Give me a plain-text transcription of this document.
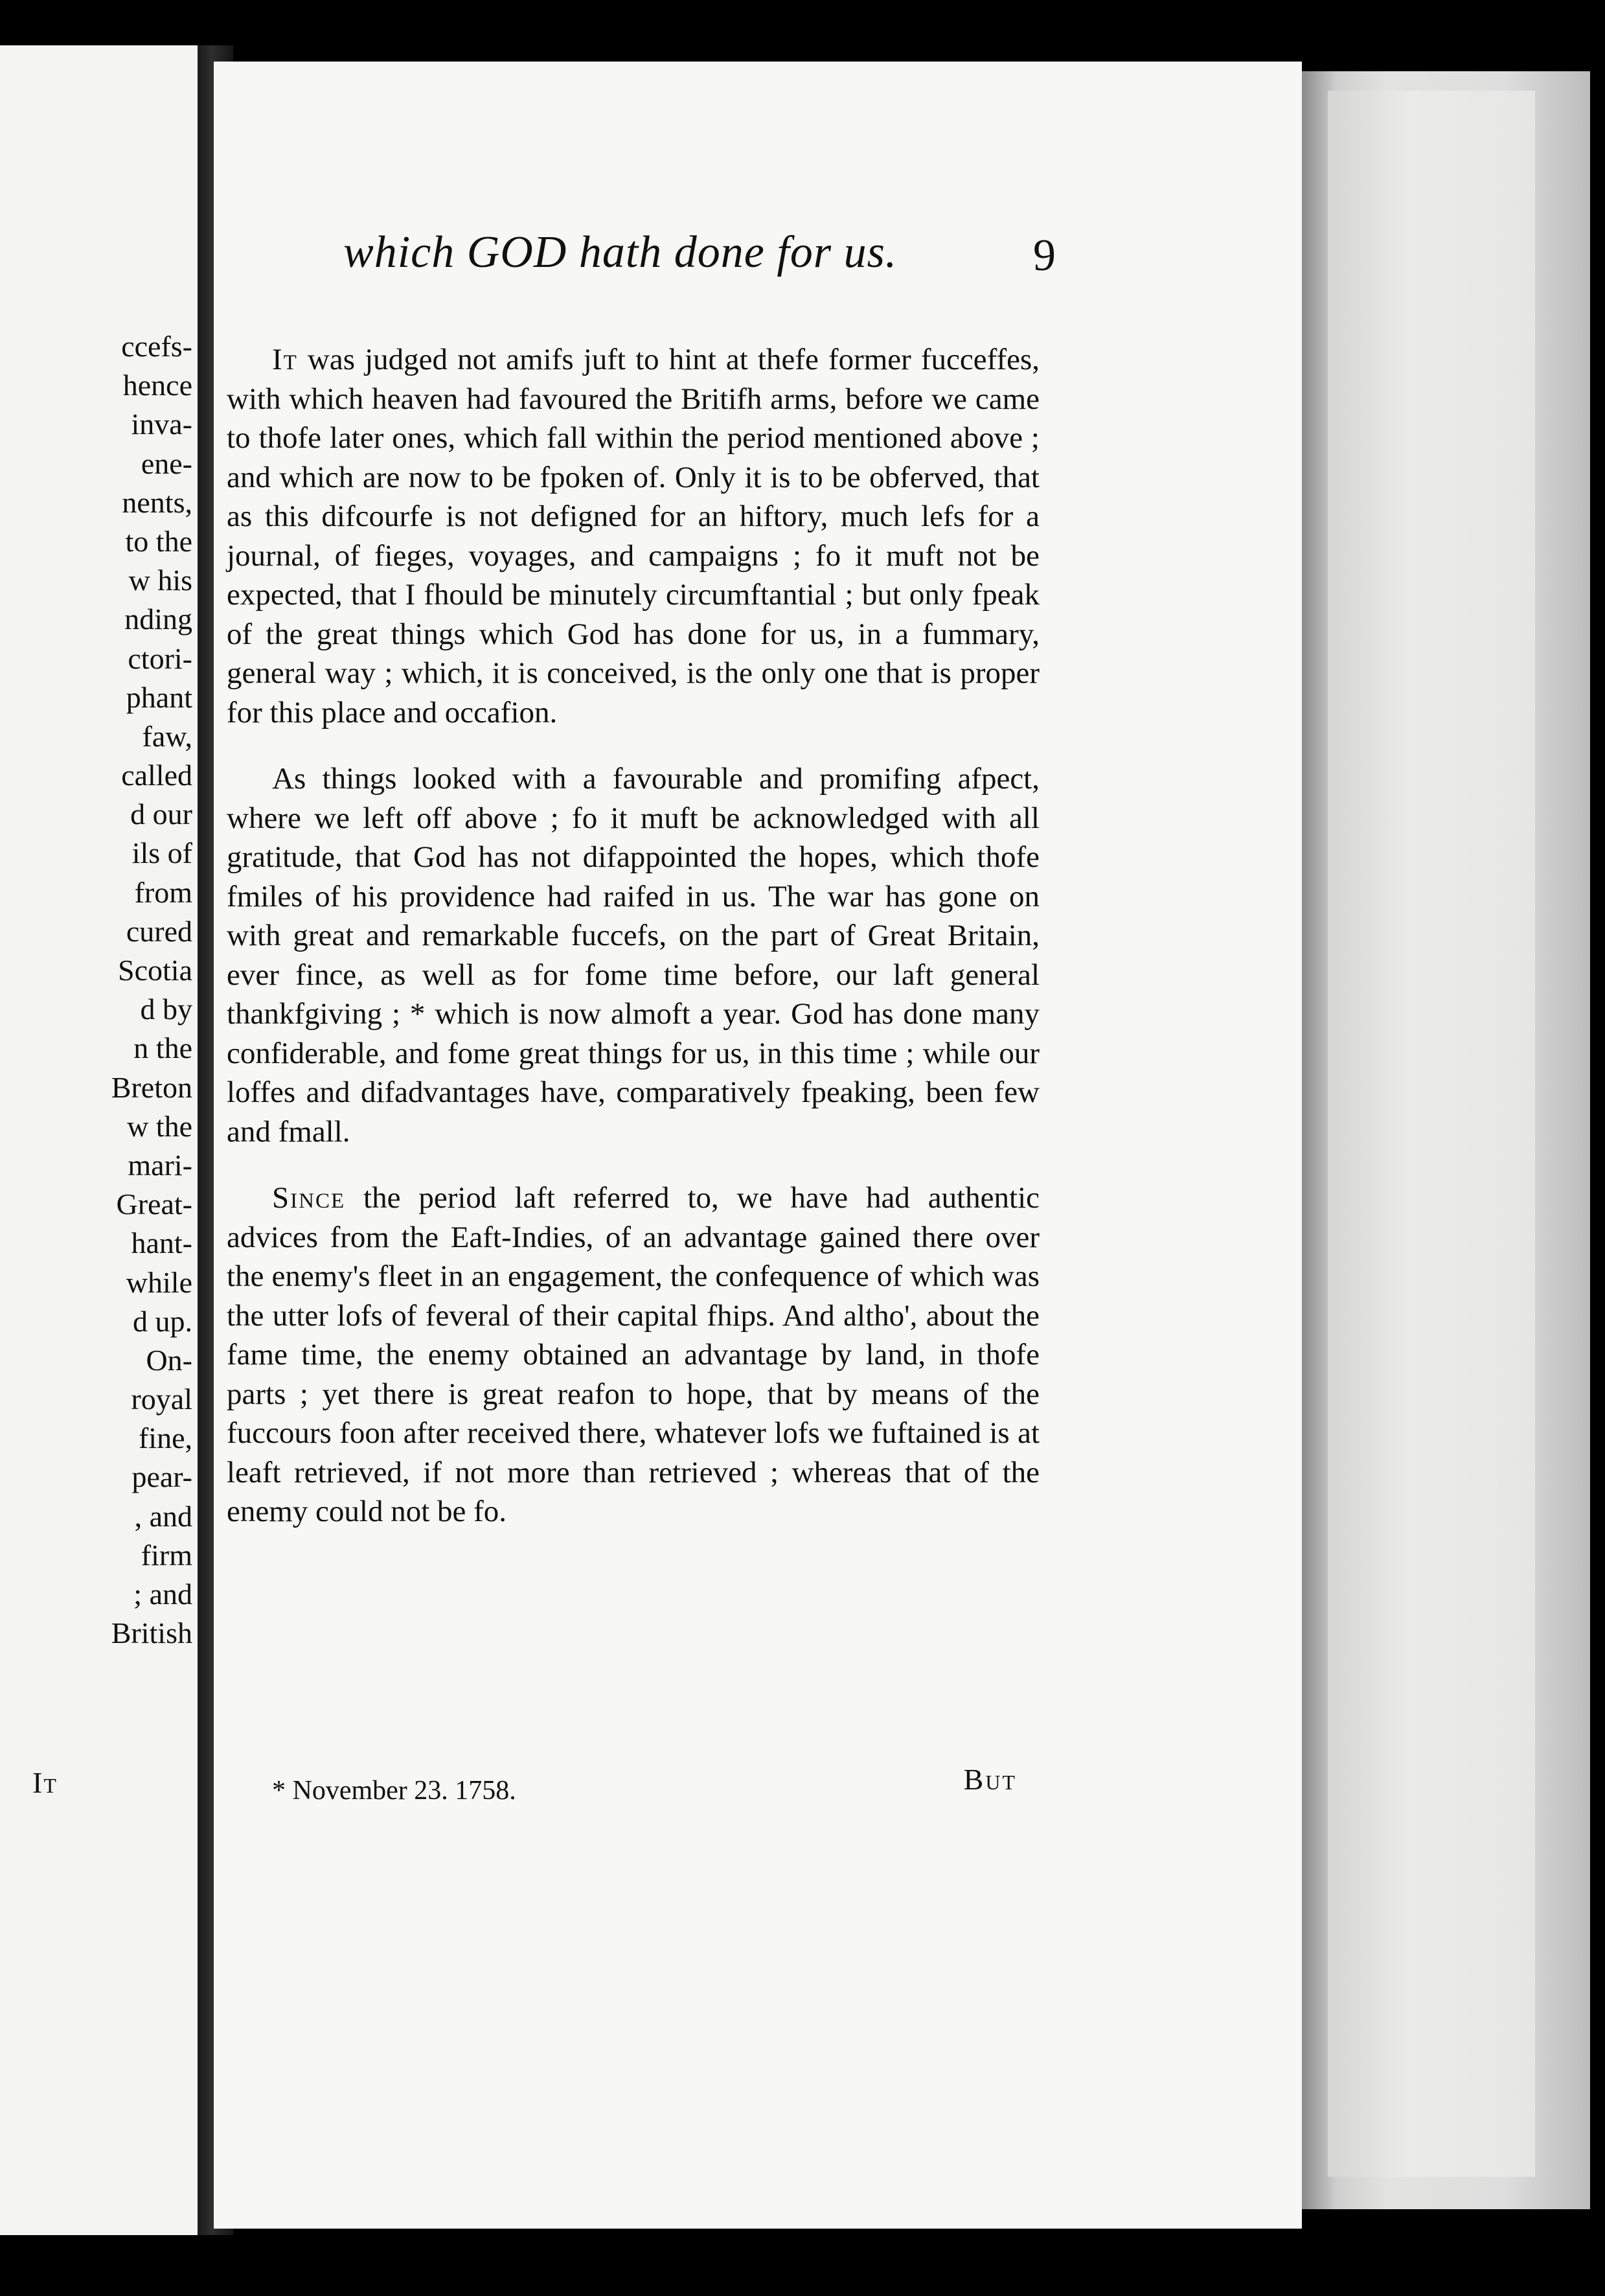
ccefs-
hence
inva-
ene-
nents,
to the
w his
nding
ctori-
phant
faw,
called
d our
ils of
from
cured
Scotia
d by
n the
Breton
w the
mari-
Great-
hant-
while
d up.
On-
royal
fine,
pear-
, and
firm
; and
British
It
which GOD hath done for us.	9

It was judged not amifs juft to hint at thefe former fucceffes, with which heaven had favoured the Britifh arms, before we came to thofe later ones, which fall within the period mentioned above ; and which are now to be fpoken of. Only it is to be obferved, that as this difcourfe is not defigned for an hiftory, much lefs for a journal, of fieges, voyages, and campaigns ; fo it muft not be expected, that I fhould be minutely circumftantial ; but only fpeak of the great things which God has done for us, in a fummary, general way ; which, it is conceived, is the only one that is proper for this place and occafion.

As things looked with a favourable and promifing afpect, where we left off above ; fo it muft be acknowledged with all gratitude, that God has not difappointed the hopes, which thofe fmiles of his providence had raifed in us. The war has gone on with great and remarkable fuccefs, on the part of Great Britain, ever fince, as well as for fome time before, our laft general thankfgiving ; * which is now almoft a year. God has done many confiderable, and fome great things for us, in this time ; while our loffes and difadvantages have, comparatively fpeaking, been few and fmall.

Since the period laft referred to, we have had authentic advices from the Eaft-Indies, of an advantage gained there over the enemy's fleet in an engagement, the confequence of which was the utter lofs of feveral of their capital fhips. And altho', about the fame time, the enemy obtained an advantage by land, in thofe parts ; yet there is great reafon to hope, that by means of the fuccours foon after received there, whatever lofs we fuftained is at leaft retrieved, if not more than retrieved ; whereas that of the enemy could not be fo.

* November 23. 1758.	But
